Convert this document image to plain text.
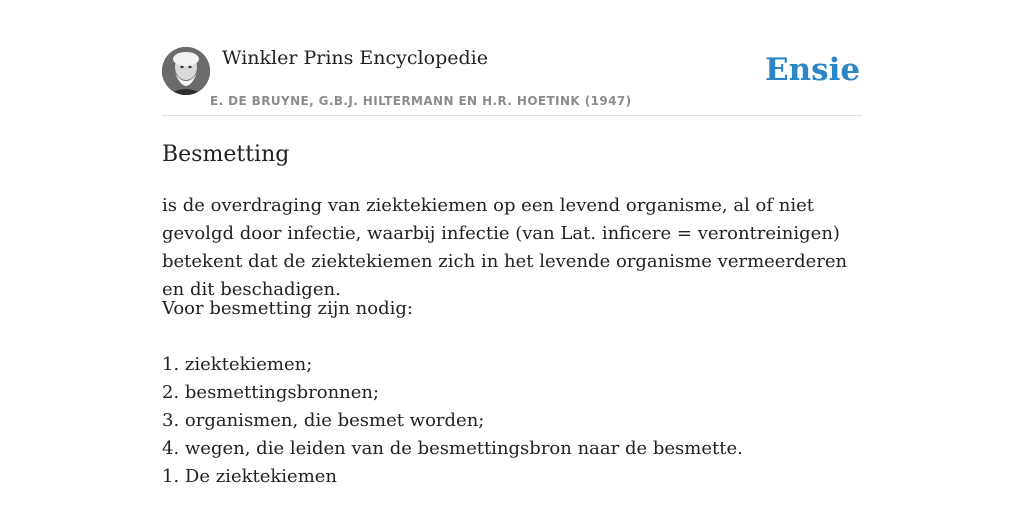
Winkler Prins Encyclopedie
E. DE BRUYNE, G.B.J. HILTERMANN EN H.R. HOETINK (1947)
Ensie
Besmetting

is de overdraging van ziektekiemen op een levend organisme, al of niet gevolgd door infectie, waarbij infectie (van Lat. inficere = verontreinigen) betekent dat de ziektekiemen zich in het levende organisme vermeerderen en dit beschadigen.

Voor besmetting zijn nodig:

1. ziektekiemen;
2. besmettingsbronnen;
3. organismen, die besmet worden;
4. wegen, die leiden van de besmettingsbron naar de besmette.
1. De ziektekiemen
